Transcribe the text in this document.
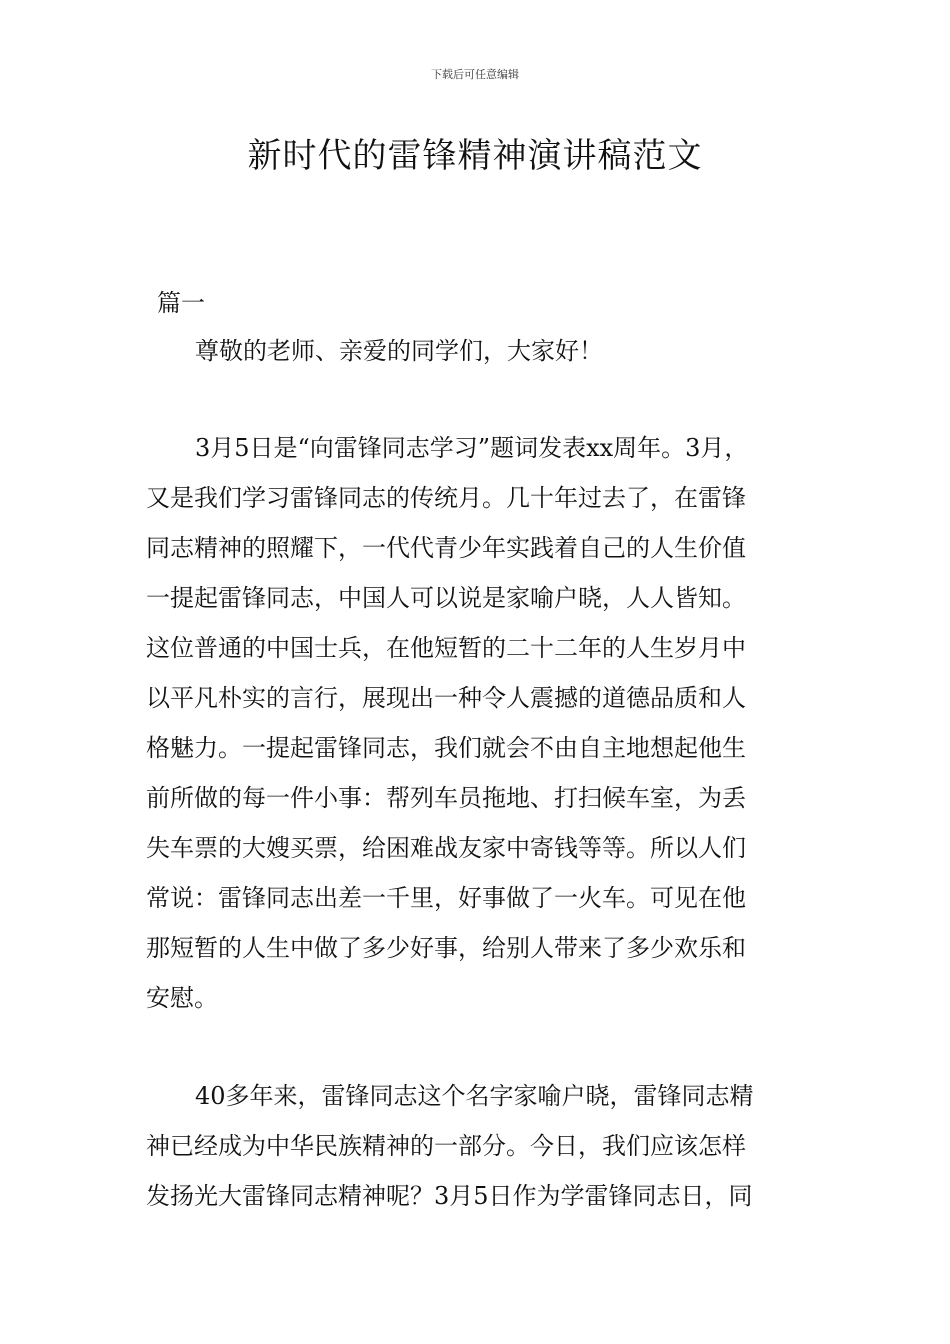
下载后可任意编辑
新时代的雷锋精神演讲稿范文
篇一
尊敬的老师、亲爱的同学们，大家好！
3月5日是“向雷锋同志学习”题词发表xx周年。3月，
又是我们学习雷锋同志的传统月。几十年过去了，在雷锋
同志精神的照耀下，一代代青少年实践着自己的人生价值
一提起雷锋同志，中国人可以说是家喻户晓，人人皆知。
这位普通的中国士兵，在他短暂的二十二年的人生岁月中
以平凡朴实的言行，展现出一种令人震撼的道德品质和人
格魅力。一提起雷锋同志，我们就会不由自主地想起他生
前所做的每一件小事：帮列车员拖地、打扫候车室，为丢
失车票的大嫂买票，给困难战友家中寄钱等等。所以人们
常说：雷锋同志出差一千里，好事做了一火车。可见在他
那短暂的人生中做了多少好事，给别人带来了多少欢乐和
安慰。
40多年来，雷锋同志这个名字家喻户晓，雷锋同志精
神已经成为中华民族精神的一部分。今日，我们应该怎样
发扬光大雷锋同志精神呢？3月5日作为学雷锋同志日，同
